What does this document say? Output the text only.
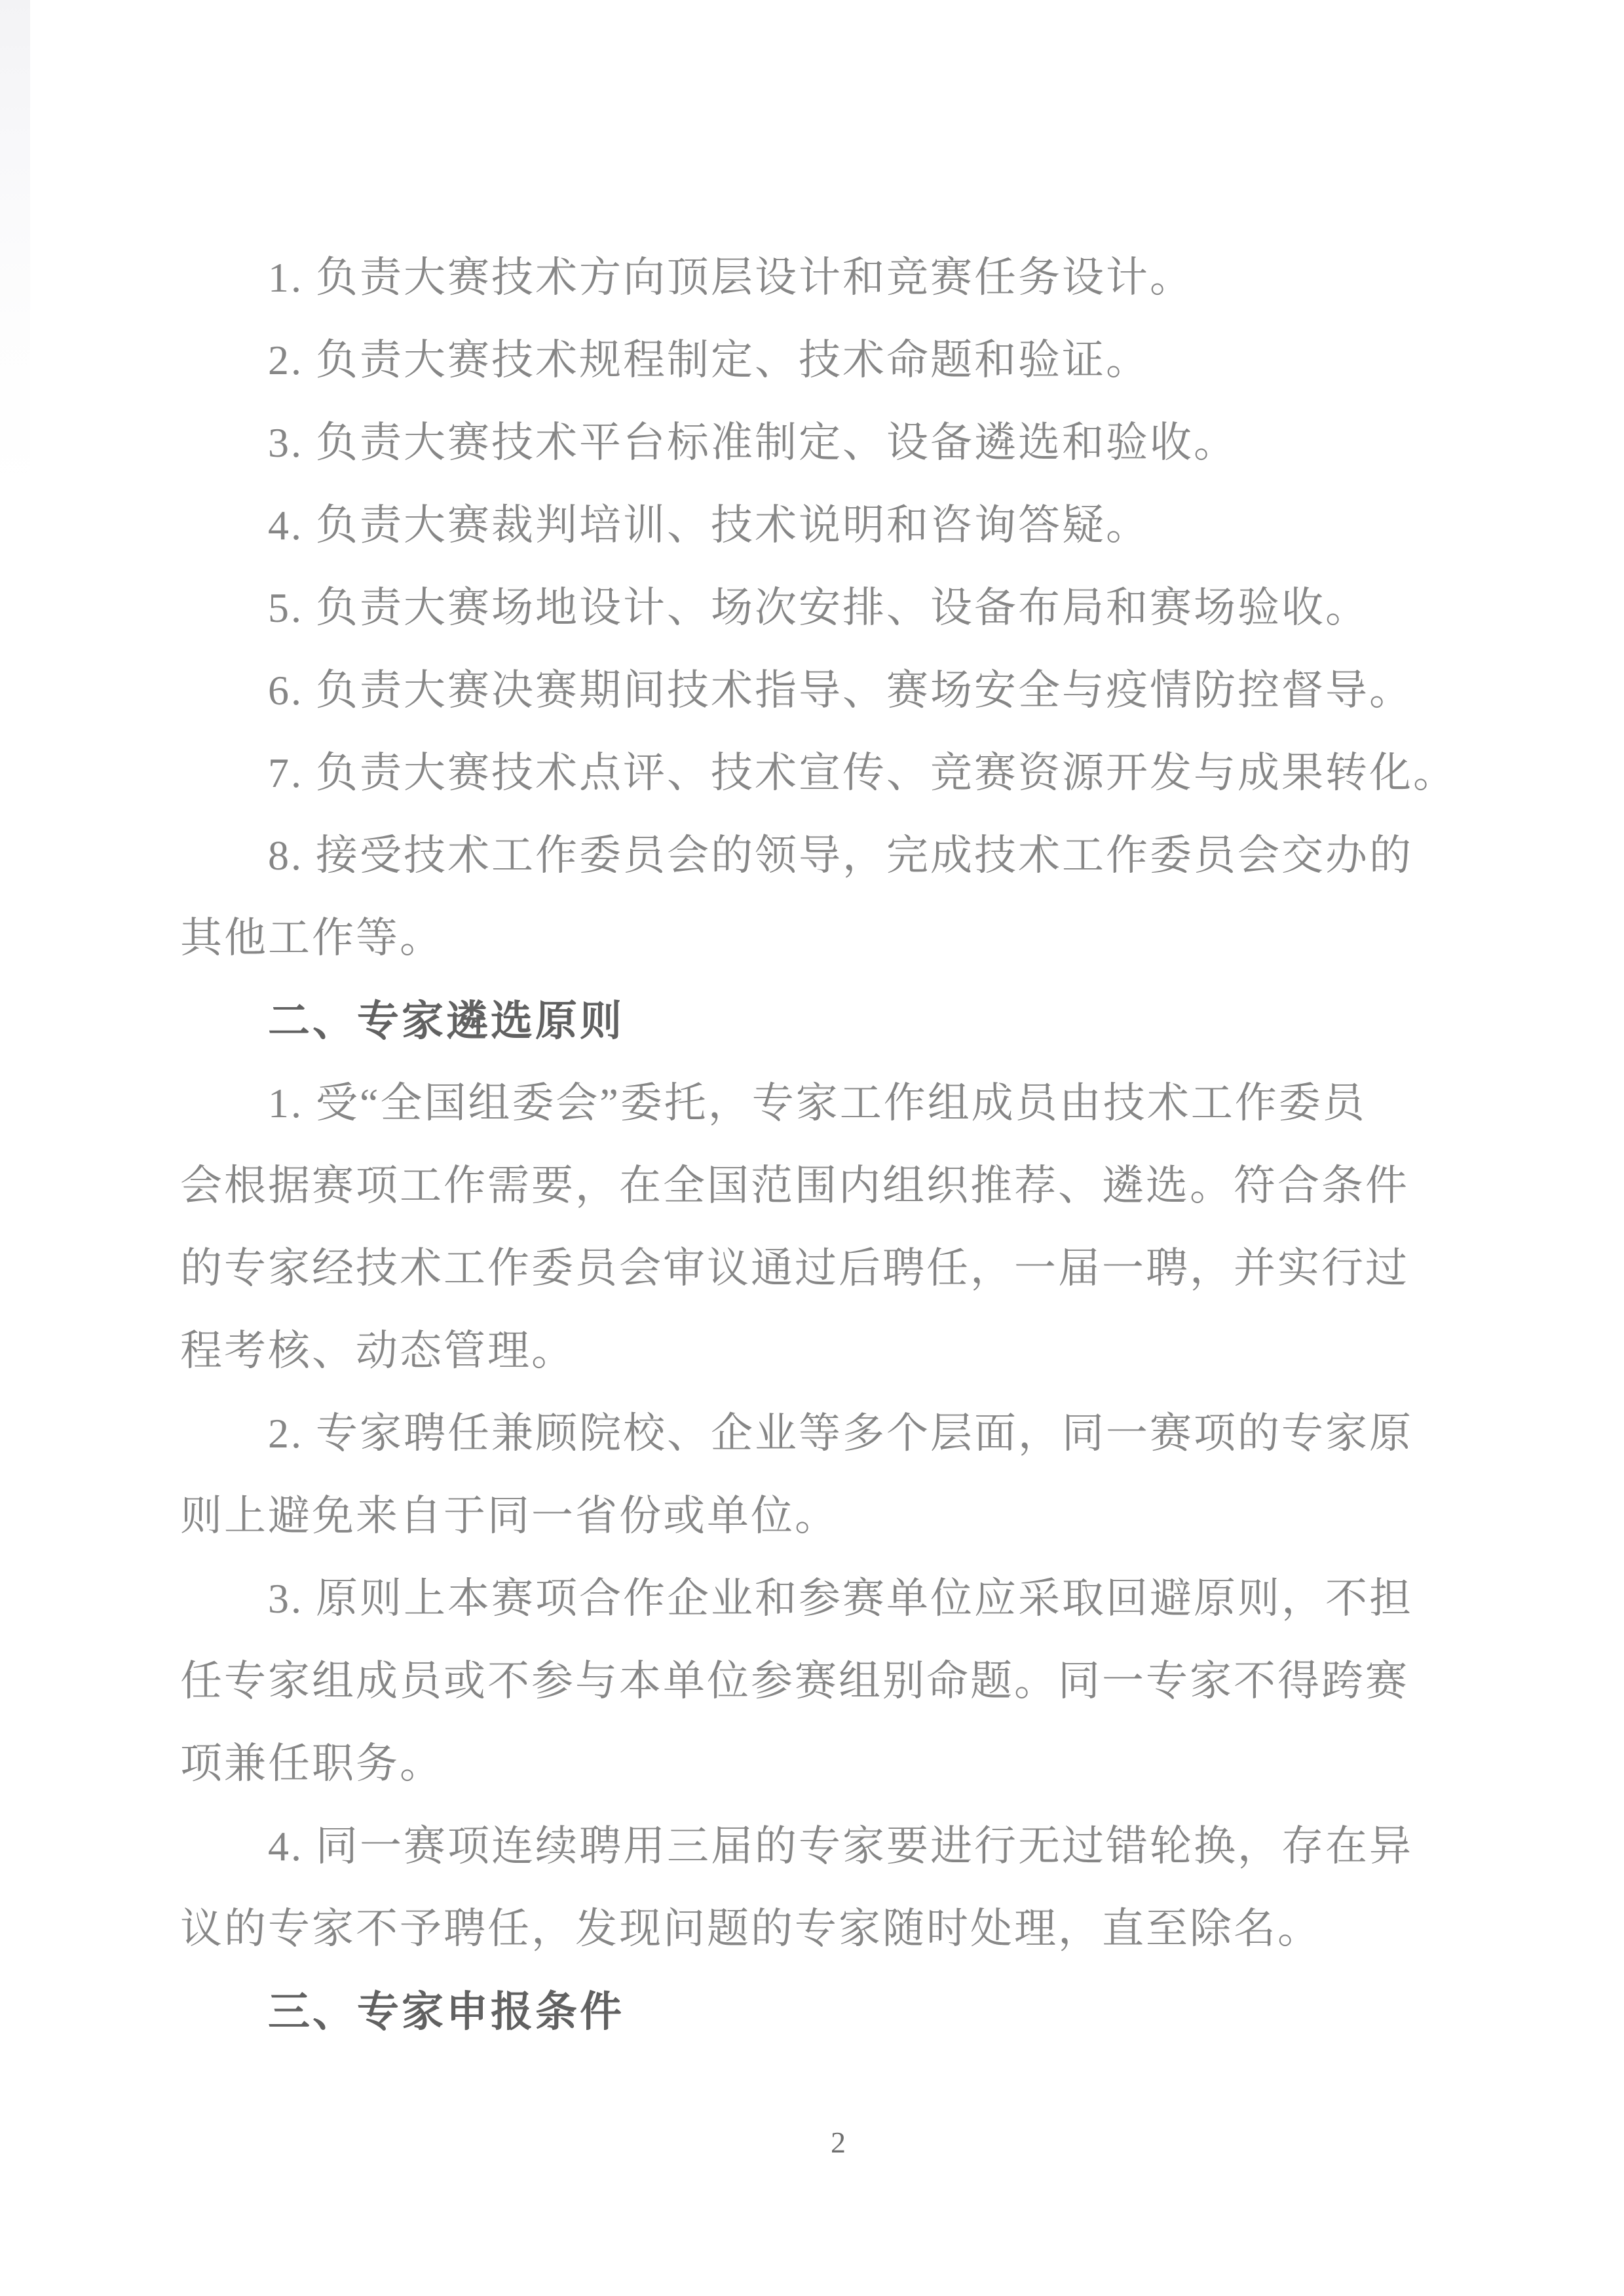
1. 负责大赛技术方向顶层设计和竞赛任务设计。
2. 负责大赛技术规程制定、技术命题和验证。
3. 负责大赛技术平台标准制定、设备遴选和验收。
4. 负责大赛裁判培训、技术说明和咨询答疑。
5. 负责大赛场地设计、场次安排、设备布局和赛场验收。
6. 负责大赛决赛期间技术指导、赛场安全与疫情防控督导。
7. 负责大赛技术点评、技术宣传、竞赛资源开发与成果转化。
8. 接受技术工作委员会的领导，完成技术工作委员会交办的
其他工作等。
二、专家遴选原则
1. 受“全国组委会”委托，专家工作组成员由技术工作委员
会根据赛项工作需要，在全国范围内组织推荐、遴选。符合条件
的专家经技术工作委员会审议通过后聘任，一届一聘，并实行过
程考核、动态管理。
2. 专家聘任兼顾院校、企业等多个层面，同一赛项的专家原
则上避免来自于同一省份或单位。
3. 原则上本赛项合作企业和参赛单位应采取回避原则，不担
任专家组成员或不参与本单位参赛组别命题。同一专家不得跨赛
项兼任职务。
4. 同一赛项连续聘用三届的专家要进行无过错轮换，存在异
议的专家不予聘任，发现问题的专家随时处理，直至除名。
三、专家申报条件
2
